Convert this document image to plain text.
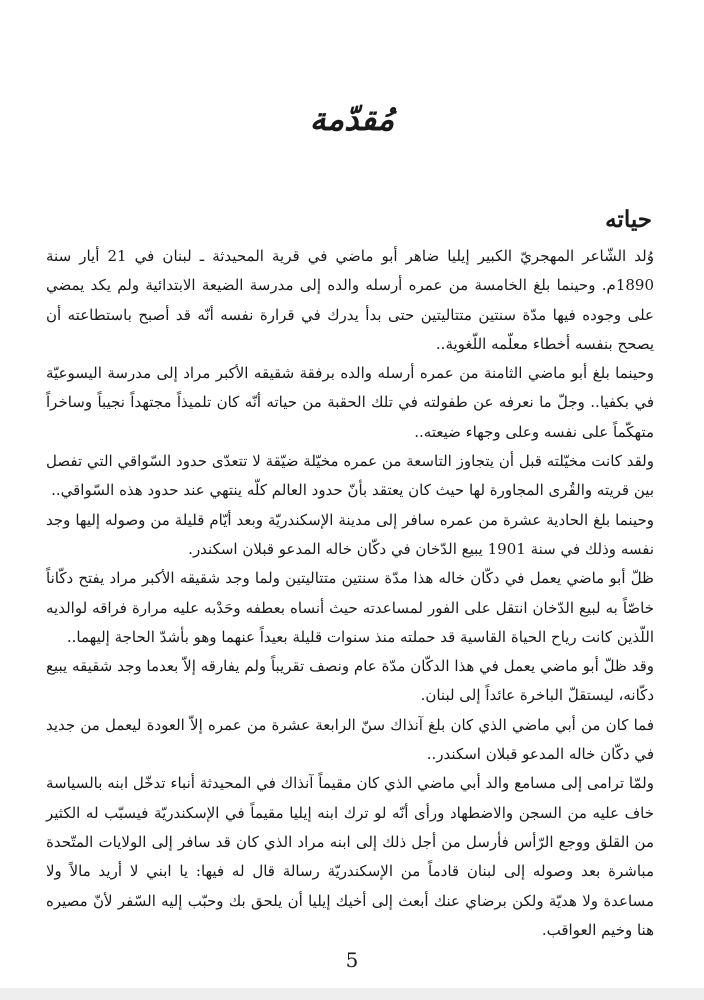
مُقدّمة
حياته

وُلد الشّاعر المهجريّ الكبير إيليا ضاهر أبو ماضي في قرية المحيدثة ـ لبنان في 21 أيار سنة 1890م. وحينما بلغ الخامسة من عمره أرسله والده إلى مدرسة الضيعة الابتدائية ولم يكد يمضي على وجوده فيها مدّة سنتين متتاليتين حتى بدأ يدرك في قرارة نفسه أنّه قد أصبح باستطاعته أن يصحح بنفسه أخطاء معلّمه اللّغوية..

وحينما بلغ أبو ماضي الثامنة من عمره أرسله والده برفقة شقيقه الأكبر مراد إلى مدرسة اليسوعيّة في بكفيا.. وجلّ ما نعرفه عن طفولته في تلك الحقبة من حياته أنّه كان تلميذاً مجتهداً نجيباً وساخراً متهكّماً على نفسه وعلى وجهاء ضيعته..

ولقد كانت مخيّلته قبل أن يتجاوز التاسعة من عمره مخيّلة ضيّقة لا تتعدّى حدود السّواقي التي تفصل بين قريته والقُرى المجاورة لها حيث كان يعتقد بأنّ حدود العالم كلّه ينتهي عند حدود هذه السّواقي..

وحينما بلغ الحادية عشرة من عمره سافر إلى مدينة الإسكندريّة وبعد أيّام قليلة من وصوله إليها وجد نفسه وذلك في سنة 1901 يبيع الدّخان في دكّان خاله المدعو قبلان اسكندر.

ظلّ أبو ماضي يعمل في دكّان خاله هذا مدّة سنتين متتاليتين ولما وجد شقيقه الأكبر مراد يفتح دكّاناً خاصّاً به لبيع الدّخان انتقل على الفور لمساعدته حيث أنساه بعطفه وحَدْبه عليه مرارة فراقه لوالديه اللّذين كانت رياح الحياة القاسية قد حملته منذ سنوات قليلة بعيداً عنهما وهو بأشدّ الحاجة إليهما..

وقد ظلّ أبو ماضي يعمل في هذا الدكّان مدّة عام ونصف تقريباً ولم يفارقه إلاّ بعدما وجد شقيقه يبيع دكّانه، ليستقلّ الباخرة عائداً إلى لبنان.

فما كان من أبي ماضي الذي كان بلغ آنذاك سنّ الرابعة عشرة من عمره إلاّ العودة ليعمل من جديد في دكّان خاله المدعو قبلان اسكندر..

ولمّا ترامى إلى مسامع والد أبي ماضي الذي كان مقيماً آنذاك في المحيدثة أنباء تدخّل ابنه بالسياسة خاف عليه من السجن والاضطهاد ورأى أنّه لو ترك ابنه إيليا مقيماً في الإسكندريّة فيسبّب له الكثير من القلق ووجع الرّأس فأرسل من أجل ذلك إلى ابنه مراد الذي كان قد سافر إلى الولايات المتّحدة مباشرة بعد وصوله إلى لبنان قادماً من الإسكندريّة رسالة قال له فيها: يا ابني لا أريد مالاً ولا مساعدة ولا هديّة ولكن برضاي عنك أبعث إلى أخيك إيليا أن يلحق بك وحبّب إليه السّفر لأنّ مصيره هنا وخيم العواقب.

5
